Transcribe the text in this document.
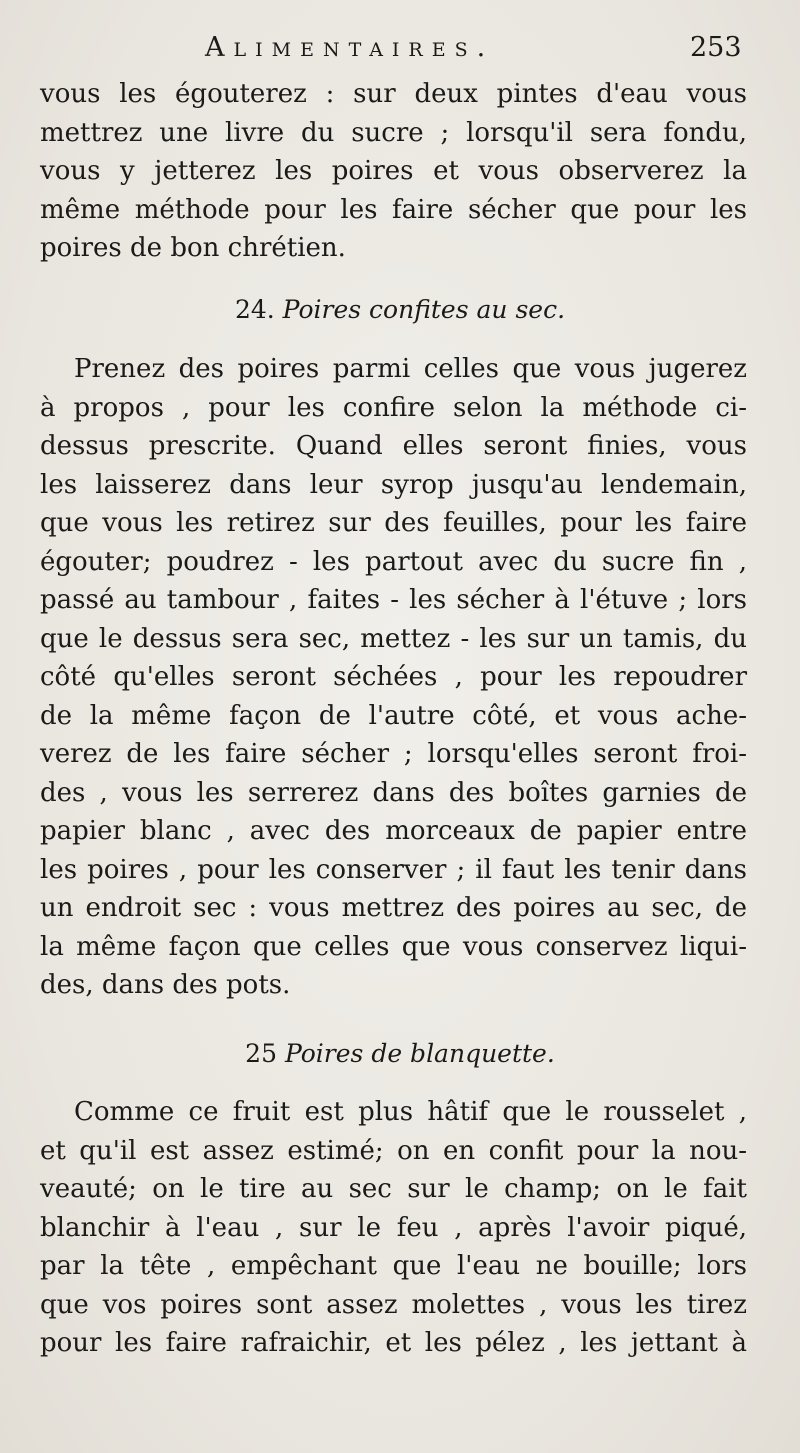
Alimentaires.	253
vous les égouterez : sur deux pintes d'eau vous
mettrez une livre du sucre ; lorsqu'il sera fondu,
vous y jetterez les poires et vous observerez la
même méthode pour les faire sécher que pour les
poires de bon chrétien.
24. Poires confites au sec.
Prenez des poires parmi celles que vous jugerez
à propos , pour les confire selon la méthode ci-
dessus prescrite. Quand elles seront finies, vous
les laisserez dans leur syrop jusqu'au lendemain,
que vous les retirez sur des feuilles, pour les faire
égouter; poudrez - les partout avec du sucre fin ,
passé au tambour , faites - les sécher à l'étuve ; lors
que le dessus sera sec, mettez - les sur un tamis, du
côté qu'elles seront séchées , pour les repoudrer
de la même façon de l'autre côté, et vous ache-
verez de les faire sécher ; lorsqu'elles seront froi-
des , vous les serrerez dans des boîtes garnies de
papier blanc , avec des morceaux de papier entre
les poires , pour les conserver ; il faut les tenir dans
un endroit sec : vous mettrez des poires au sec, de
la même façon que celles que vous conservez liqui-
des, dans des pots.
25 Poires de blanquette.
Comme ce fruit est plus hâtif que le rousselet ,
et qu'il est assez estimé; on en confit pour la nou-
veauté; on le tire au sec sur le champ; on le fait
blanchir à l'eau , sur le feu , après l'avoir piqué,
par la tête , empêchant que l'eau ne bouille; lors
que vos poires sont assez molettes , vous les tirez
pour les faire rafraichir, et les pélez , les jettant à
